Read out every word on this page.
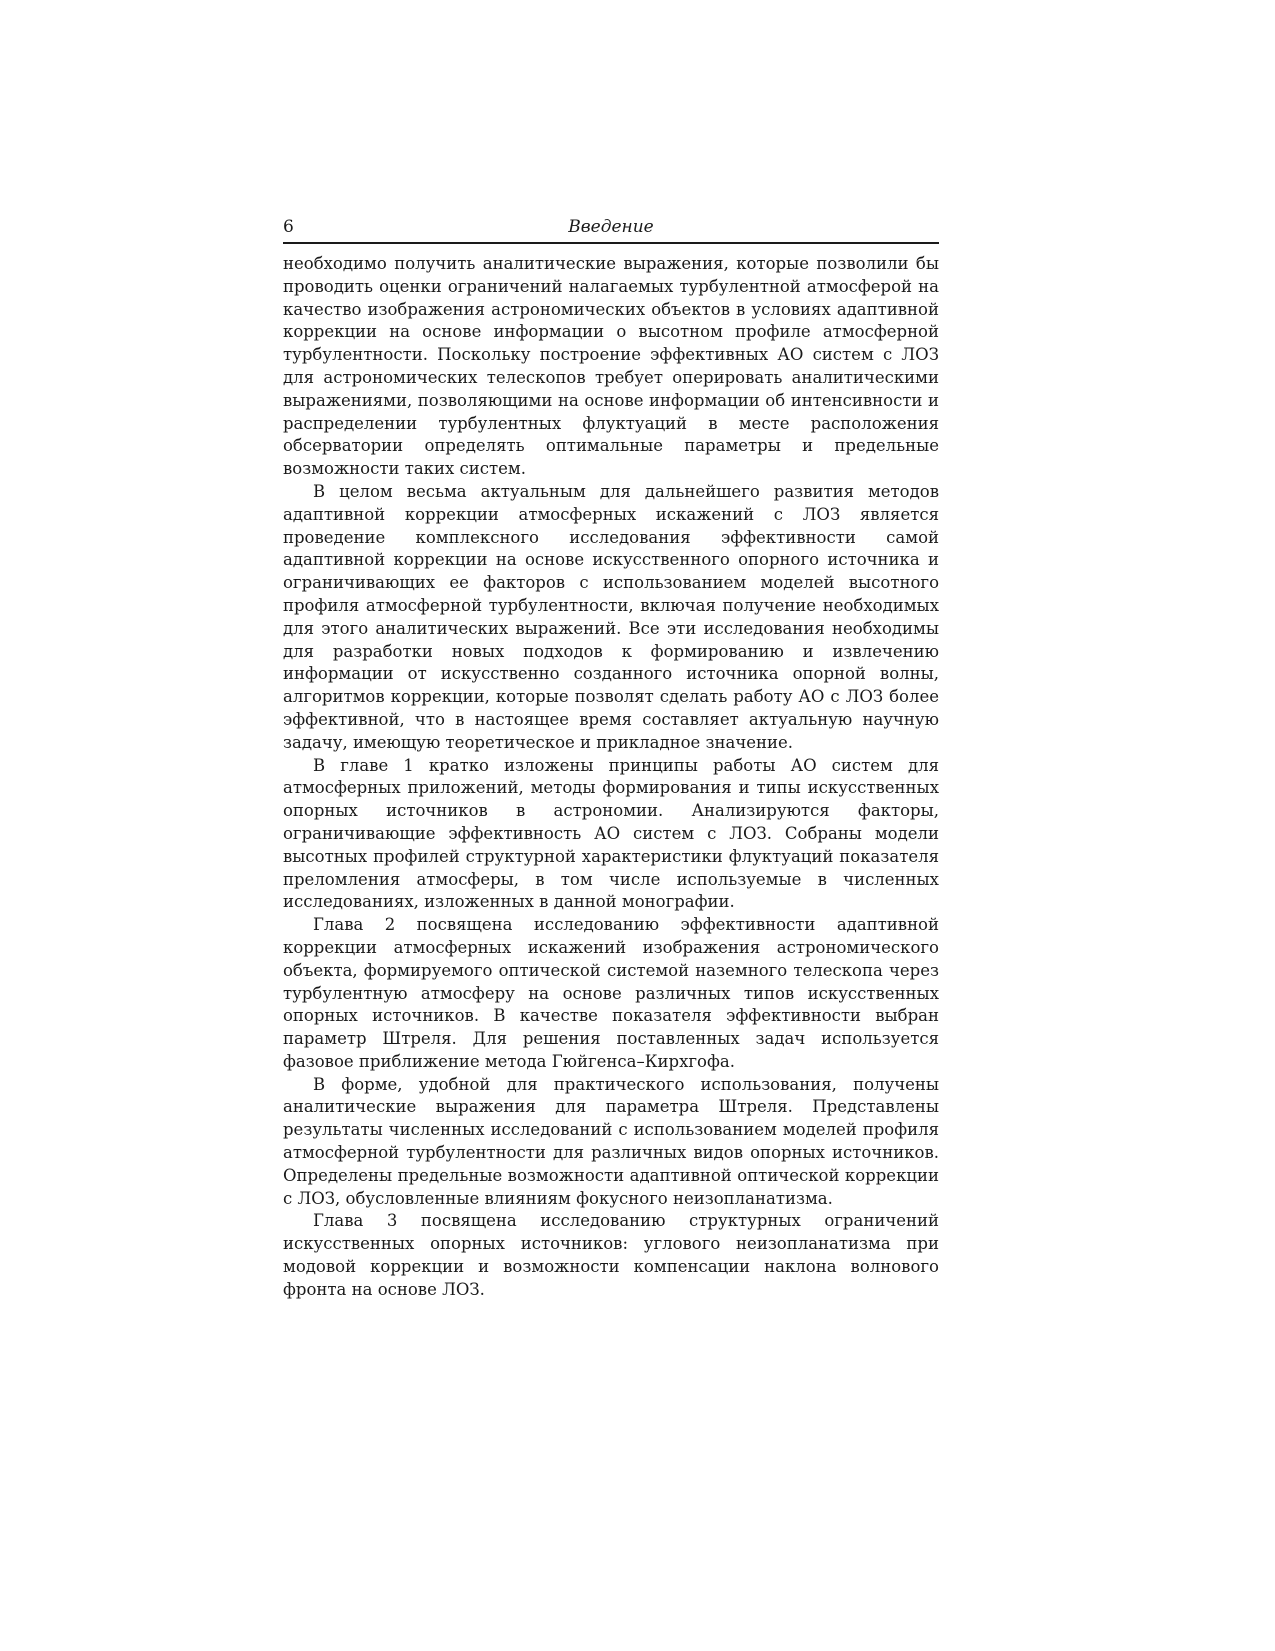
6	Введение

необходимо получить аналитические выражения, которые позволили бы проводить оценки ограничений налагаемых турбулентной атмосферой на качество изображения астрономических объектов в условиях адаптивной коррекции на основе информации о высотном профиле атмосферной турбулентности. Поскольку построение эффективных АО систем с ЛОЗ для астрономических телескопов требует оперировать аналитическими выражениями, позволяющими на основе информации об интенсивности и распределении турбулентных флуктуаций в месте расположения обсерватории определять оптимальные параметры и предельные возможности таких систем.

В целом весьма актуальным для дальнейшего развития методов адаптивной коррекции атмосферных искажений с ЛОЗ является проведение комплексного исследования эффективности самой адаптивной коррекции на основе искусственного опорного источника и ограничивающих ее факторов с использованием моделей высотного профиля атмосферной турбулентности, включая получение необходимых для этого аналитических выражений. Все эти исследования необходимы для разработки новых подходов к формированию и извлечению информации от искусственно созданного источника опорной волны, алгоритмов коррекции, которые позволят сделать работу АО с ЛОЗ более эффективной, что в настоящее время составляет актуальную научную задачу, имеющую теоретическое и прикладное значение.

В главе 1 кратко изложены принципы работы АО систем для атмосферных приложений, методы формирования и типы искусственных опорных источников в астрономии. Анализируются факторы, ограничивающие эффективность АО систем с ЛОЗ. Собраны модели высотных профилей структурной характеристики флуктуаций показателя преломления атмосферы, в том числе используемые в численных исследованиях, изложенных в данной монографии.

Глава 2 посвящена исследованию эффективности адаптивной коррекции атмосферных искажений изображения астрономического объекта, формируемого оптической системой наземного телескопа через турбулентную атмосферу на основе различных типов искусственных опорных источников. В качестве показателя эффективности выбран параметр Штреля. Для решения поставленных задач используется фазовое приближение метода Гюйгенса–Кирхгофа.

В форме, удобной для практического использования, получены аналитические выражения для параметра Штреля. Представлены результаты численных исследований с использованием моделей профиля атмосферной турбулентности для различных видов опорных источников. Определены предельные возможности адаптивной оптической коррекции с ЛОЗ, обусловленные влияниям фокусного неизопланатизма.

Глава 3 посвящена исследованию структурных ограничений искусственных опорных источников: углового неизопланатизма при модовой коррекции и возможности компенсации наклона волнового фронта на основе ЛОЗ.
